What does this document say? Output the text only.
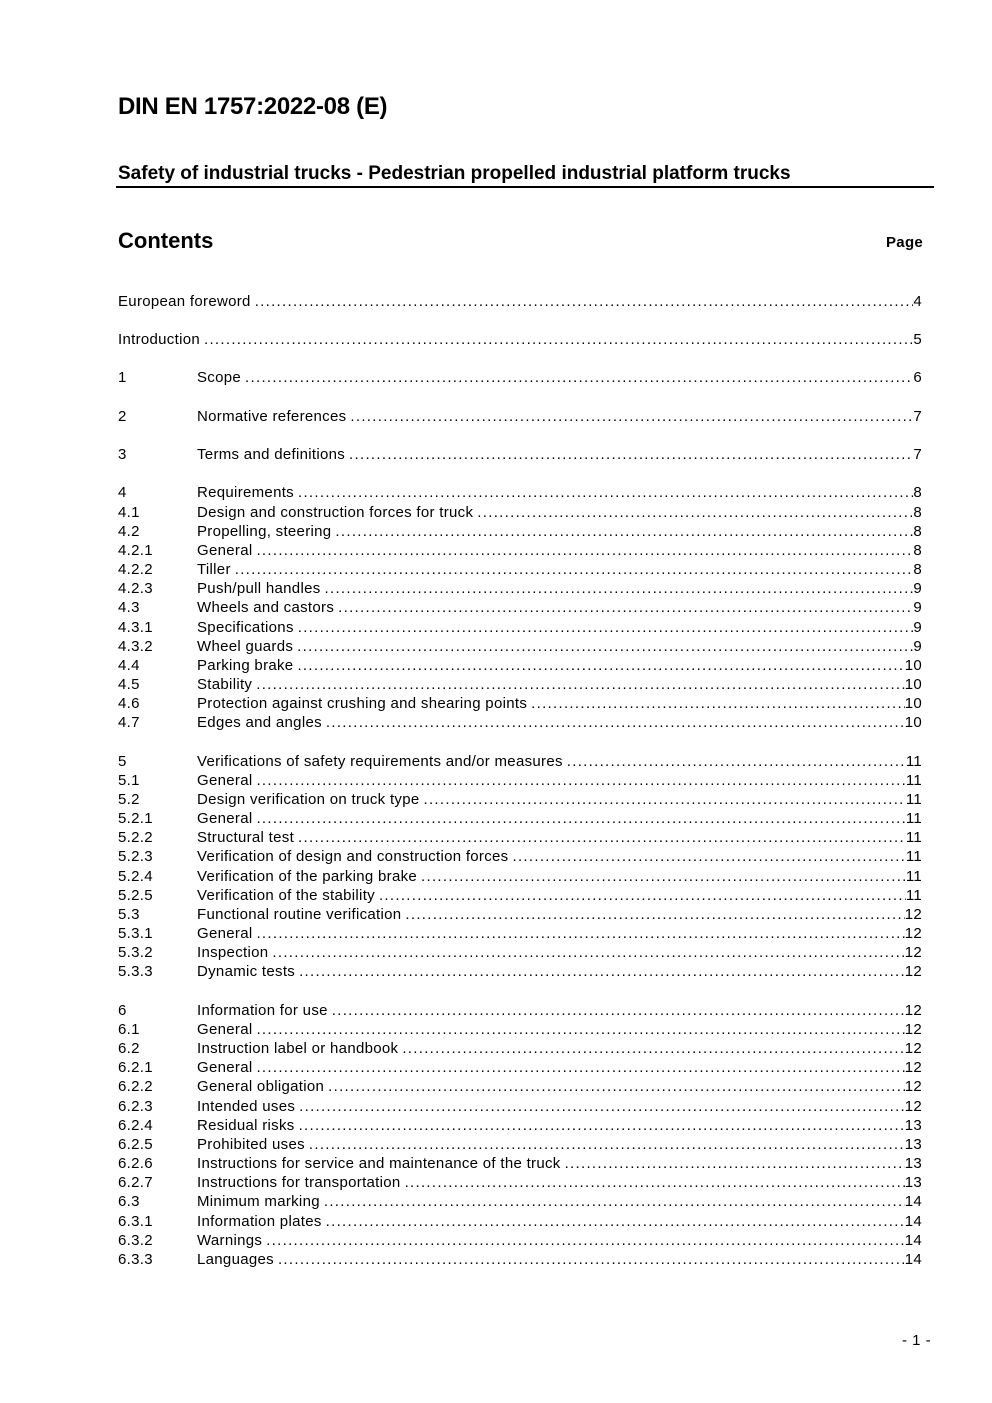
DIN EN 1757:2022-08 (E)
Safety of industrial trucks - Pedestrian propelled industrial platform trucks
Contents	Page
European foreword .....	4
Introduction .....	5
1	Scope .....	6
2	Normative references .....	7
3	Terms and definitions .....	7
4	Requirements .....	8
4.1	Design and construction forces for truck .....	8
4.2	Propelling, steering .....	8
4.2.1	General .....	8
4.2.2	Tiller .....	8
4.2.3	Push/pull handles .....	9
4.3	Wheels and castors .....	9
4.3.1	Specifications .....	9
4.3.2	Wheel guards .....	9
4.4	Parking brake .....	10
4.5	Stability .....	10
4.6	Protection against crushing and shearing points .....	10
4.7	Edges and angles .....	10
5	Verifications of safety requirements and/or measures .....	11
5.1	General .....	11
5.2	Design verification on truck type .....	11
5.2.1	General .....	11
5.2.2	Structural test .....	11
5.2.3	Verification of design and construction forces .....	11
5.2.4	Verification of the parking brake .....	11
5.2.5	Verification of the stability .....	11
5.3	Functional routine verification .....	12
5.3.1	General .....	12
5.3.2	Inspection .....	12
5.3.3	Dynamic tests .....	12
6	Information for use .....	12
6.1	General .....	12
6.2	Instruction label or handbook .....	12
6.2.1	General .....	12
6.2.2	General obligation .....	12
6.2.3	Intended uses .....	12
6.2.4	Residual risks .....	13
6.2.5	Prohibited uses .....	13
6.2.6	Instructions for service and maintenance of the truck .....	13
6.2.7	Instructions for transportation .....	13
6.3	Minimum marking .....	14
6.3.1	Information plates .....	14
6.3.2	Warnings .....	14
6.3.3	Languages .....	14
- 1 -
